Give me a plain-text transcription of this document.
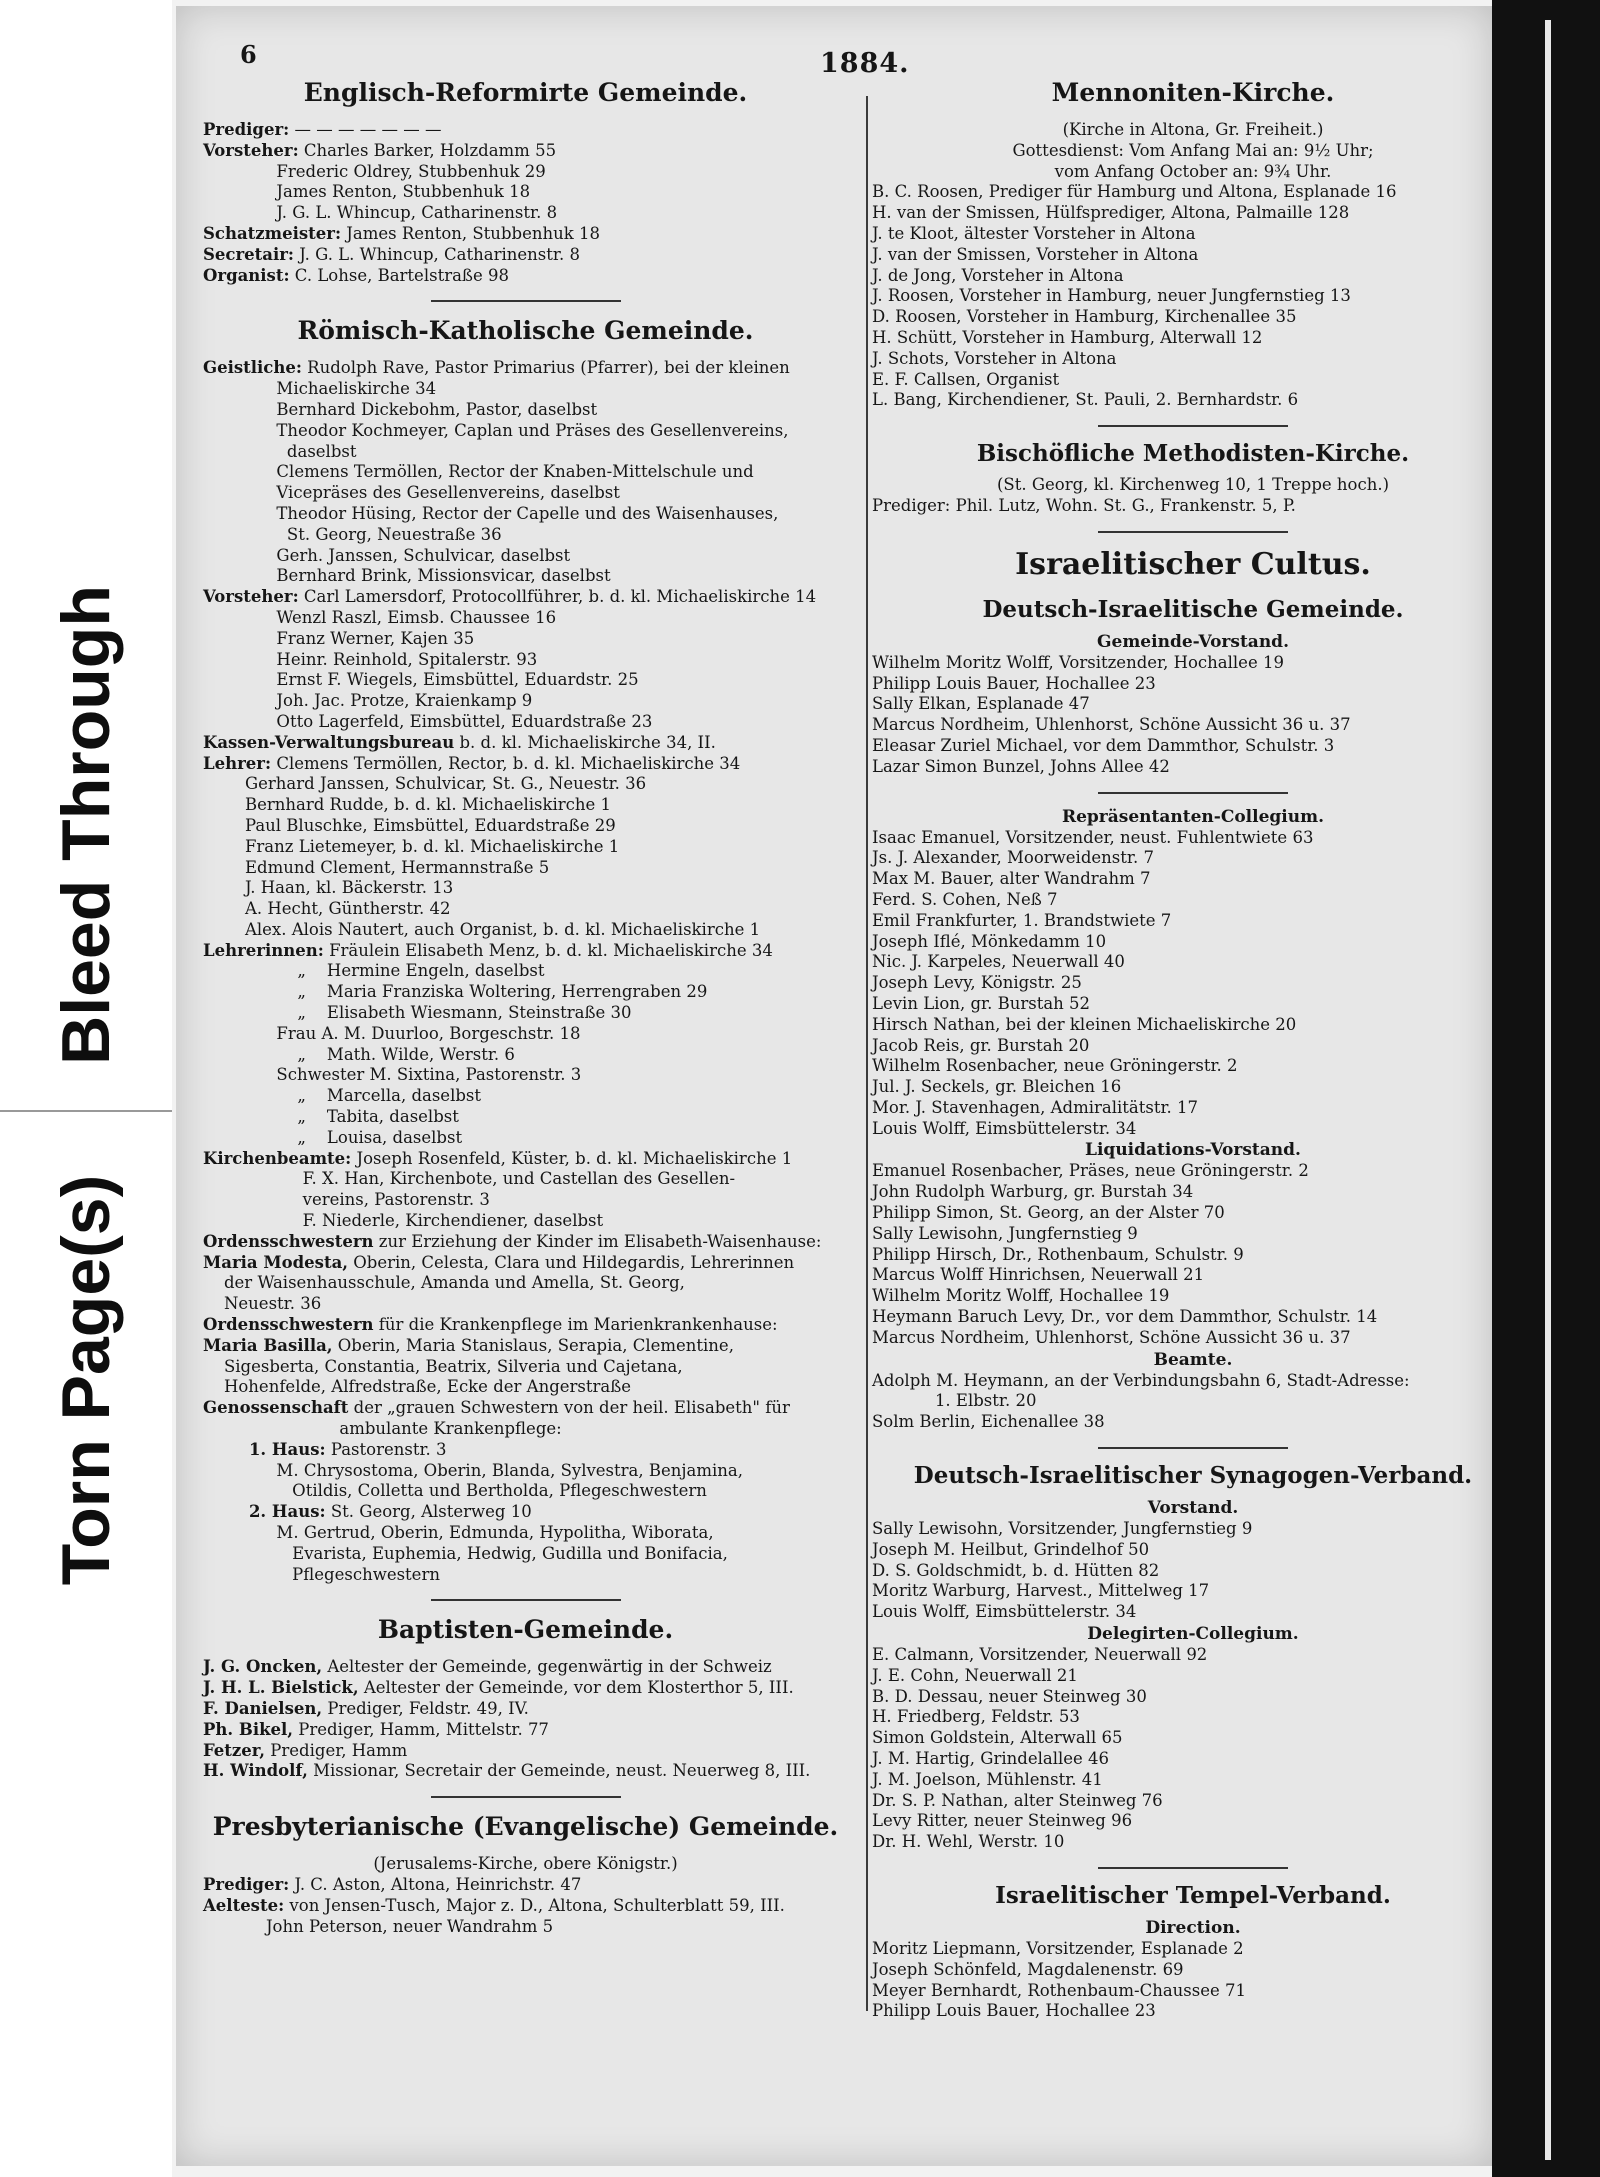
Bleed Through
Torn Page(s)
6	1884.
Englisch-Reformirte Gemeinde.
Prediger: — — — — — — —
Vorsteher: Charles Barker, Holzdamm 55
Frederic Oldrey, Stubbenhuk 29
James Renton, Stubbenhuk 18
J. G. L. Whincup, Catharinenstr. 8
Schatzmeister: James Renton, Stubbenhuk 18
Secretair: J. G. L. Whincup, Catharinenstr. 8
Organist: C. Lohse, Bartelstraße 98
Römisch-Katholische Gemeinde.
Geistliche: Rudolph Rave, Pastor Primarius (Pfarrer), bei der kleinen
Michaeliskirche 34
Bernhard Dickebohm, Pastor, daselbst
Theodor Kochmeyer, Caplan und Präses des Gesellenvereins,
daselbst
Clemens Termöllen, Rector der Knaben-Mittelschule und
Vicepräses des Gesellenvereins, daselbst
Theodor Hüsing, Rector der Capelle und des Waisenhauses,
St. Georg, Neuestraße 36
Gerh. Janssen, Schulvicar, daselbst
Bernhard Brink, Missionsvicar, daselbst
Vorsteher: Carl Lamersdorf, Protocollführer, b. d. kl. Michaeliskirche 14
Wenzl Raszl, Eimsb. Chaussee 16
Franz Werner, Kajen 35
Heinr. Reinhold, Spitalerstr. 93
Ernst F. Wiegels, Eimsbüttel, Eduardstr. 25
Joh. Jac. Protze, Kraienkamp 9
Otto Lagerfeld, Eimsbüttel, Eduardstraße 23
Kassen-Verwaltungsbureau b. d. kl. Michaeliskirche 34, II.
Lehrer: Clemens Termöllen, Rector, b. d. kl. Michaeliskirche 34
Gerhard Janssen, Schulvicar, St. G., Neuestr. 36
Bernhard Rudde, b. d. kl. Michaeliskirche 1
Paul Bluschke, Eimsbüttel, Eduardstraße 29
Franz Lietemeyer, b. d. kl. Michaeliskirche 1
Edmund Clement, Hermannstraße 5
J. Haan, kl. Bäckerstr. 13
A. Hecht, Güntherstr. 42
Alex. Alois Nautert, auch Organist, b. d. kl. Michaeliskirche 1
Lehrerinnen: Fräulein Elisabeth Menz, b. d. kl. Michaeliskirche 34
„    Hermine Engeln, daselbst
„    Maria Franziska Woltering, Herrengraben 29
„    Elisabeth Wiesmann, Steinstraße 30
Frau A. M. Duurloo, Borgeschstr. 18
„    Math. Wilde, Werstr. 6
Schwester M. Sixtina, Pastorenstr. 3
„    Marcella, daselbst
„    Tabita, daselbst
„    Louisa, daselbst
Kirchenbeamte: Joseph Rosenfeld, Küster, b. d. kl. Michaeliskirche 1
F. X. Han, Kirchenbote, und Castellan des Gesellen-
vereins, Pastorenstr. 3
F. Niederle, Kirchendiener, daselbst
Ordensschwestern zur Erziehung der Kinder im Elisabeth-Waisenhause:
Maria Modesta, Oberin, Celesta, Clara und Hildegardis, Lehrerinnen
der Waisenhausschule, Amanda und Amella, St. Georg,
Neuestr. 36
Ordensschwestern für die Krankenpflege im Marienkrankenhause:
Maria Basilla, Oberin, Maria Stanislaus, Serapia, Clementine,
Sigesberta, Constantia, Beatrix, Silveria und Cajetana,
Hohenfelde, Alfredstraße, Ecke der Angerstraße
Genossenschaft der „grauen Schwestern von der heil. Elisabeth" für
ambulante Krankenpflege:
1. Haus: Pastorenstr. 3
M. Chrysostoma, Oberin, Blanda, Sylvestra, Benjamina,
Otildis, Colletta und Bertholda, Pflegeschwestern
2. Haus: St. Georg, Alsterweg 10
M. Gertrud, Oberin, Edmunda, Hypolitha, Wiborata,
Evarista, Euphemia, Hedwig, Gudilla und Bonifacia,
Pflegeschwestern
Baptisten-Gemeinde.
J. G. Oncken, Aeltester der Gemeinde, gegenwärtig in der Schweiz
J. H. L. Bielstick, Aeltester der Gemeinde, vor dem Klosterthor 5, III.
F. Danielsen, Prediger, Feldstr. 49, IV.
Ph. Bikel, Prediger, Hamm, Mittelstr. 77
Fetzer, Prediger, Hamm
H. Windolf, Missionar, Secretair der Gemeinde, neust. Neuerweg 8, III.
Presbyterianische (Evangelische) Gemeinde.
(Jerusalems-Kirche, obere Königstr.)
Prediger: J. C. Aston, Altona, Heinrichstr. 47
Aelteste: von Jensen-Tusch, Major z. D., Altona, Schulterblatt 59, III.
John Peterson, neuer Wandrahm 5
Mennoniten-Kirche.
(Kirche in Altona, Gr. Freiheit.)
Gottesdienst: Vom Anfang Mai an: 9½ Uhr;
vom Anfang October an: 9¾ Uhr.
B. C. Roosen, Prediger für Hamburg und Altona, Esplanade 16
H. van der Smissen, Hülfsprediger, Altona, Palmaille 128
J. te Kloot, ältester Vorsteher in Altona
J. van der Smissen, Vorsteher in Altona
J. de Jong, Vorsteher in Altona
J. Roosen, Vorsteher in Hamburg, neuer Jungfernstieg 13
D. Roosen, Vorsteher in Hamburg, Kirchenallee 35
H. Schütt, Vorsteher in Hamburg, Alterwall 12
J. Schots, Vorsteher in Altona
E. F. Callsen, Organist
L. Bang, Kirchendiener, St. Pauli, 2. Bernhardstr. 6
Bischöfliche Methodisten-Kirche.
(St. Georg, kl. Kirchenweg 10, 1 Treppe hoch.)
Prediger: Phil. Lutz, Wohn. St. G., Frankenstr. 5, P.
Israelitischer Cultus.
Deutsch-Israelitische Gemeinde.
Gemeinde-Vorstand.
Wilhelm Moritz Wolff, Vorsitzender, Hochallee 19
Philipp Louis Bauer, Hochallee 23
Sally Elkan, Esplanade 47
Marcus Nordheim, Uhlenhorst, Schöne Aussicht 36 u. 37
Eleasar Zuriel Michael, vor dem Dammthor, Schulstr. 3
Lazar Simon Bunzel, Johns Allee 42
Repräsentanten-Collegium.
Isaac Emanuel, Vorsitzender, neust. Fuhlentwiete 63
Js. J. Alexander, Moorweidenstr. 7
Max M. Bauer, alter Wandrahm 7
Ferd. S. Cohen, Neß 7
Emil Frankfurter, 1. Brandstwiete 7
Joseph Iflé, Mönkedamm 10
Nic. J. Karpeles, Neuerwall 40
Joseph Levy, Königstr. 25
Levin Lion, gr. Burstah 52
Hirsch Nathan, bei der kleinen Michaeliskirche 20
Jacob Reis, gr. Burstah 20
Wilhelm Rosenbacher, neue Gröningerstr. 2
Jul. J. Seckels, gr. Bleichen 16
Mor. J. Stavenhagen, Admiralitätstr. 17
Louis Wolff, Eimsbüttelerstr. 34
Liquidations-Vorstand.
Emanuel Rosenbacher, Präses, neue Gröningerstr. 2
John Rudolph Warburg, gr. Burstah 34
Philipp Simon, St. Georg, an der Alster 70
Sally Lewisohn, Jungfernstieg 9
Philipp Hirsch, Dr., Rothenbaum, Schulstr. 9
Marcus Wolff Hinrichsen, Neuerwall 21
Wilhelm Moritz Wolff, Hochallee 19
Heymann Baruch Levy, Dr., vor dem Dammthor, Schulstr. 14
Marcus Nordheim, Uhlenhorst, Schöne Aussicht 36 u. 37
Beamte.
Adolph M. Heymann, an der Verbindungsbahn 6, Stadt-Adresse:
1. Elbstr. 20
Solm Berlin, Eichenallee 38
Deutsch-Israelitischer Synagogen-Verband.
Vorstand.
Sally Lewisohn, Vorsitzender, Jungfernstieg 9
Joseph M. Heilbut, Grindelhof 50
D. S. Goldschmidt, b. d. Hütten 82
Moritz Warburg, Harvest., Mittelweg 17
Louis Wolff, Eimsbüttelerstr. 34
Delegirten-Collegium.
E. Calmann, Vorsitzender, Neuerwall 92
J. E. Cohn, Neuerwall 21
B. D. Dessau, neuer Steinweg 30
H. Friedberg, Feldstr. 53
Simon Goldstein, Alterwall 65
J. M. Hartig, Grindelallee 46
J. M. Joelson, Mühlenstr. 41
Dr. S. P. Nathan, alter Steinweg 76
Levy Ritter, neuer Steinweg 96
Dr. H. Wehl, Werstr. 10
Israelitischer Tempel-Verband.
Direction.
Moritz Liepmann, Vorsitzender, Esplanade 2
Joseph Schönfeld, Magdalenenstr. 69
Meyer Bernhardt, Rothenbaum-Chaussee 71
Philipp Louis Bauer, Hochallee 23
